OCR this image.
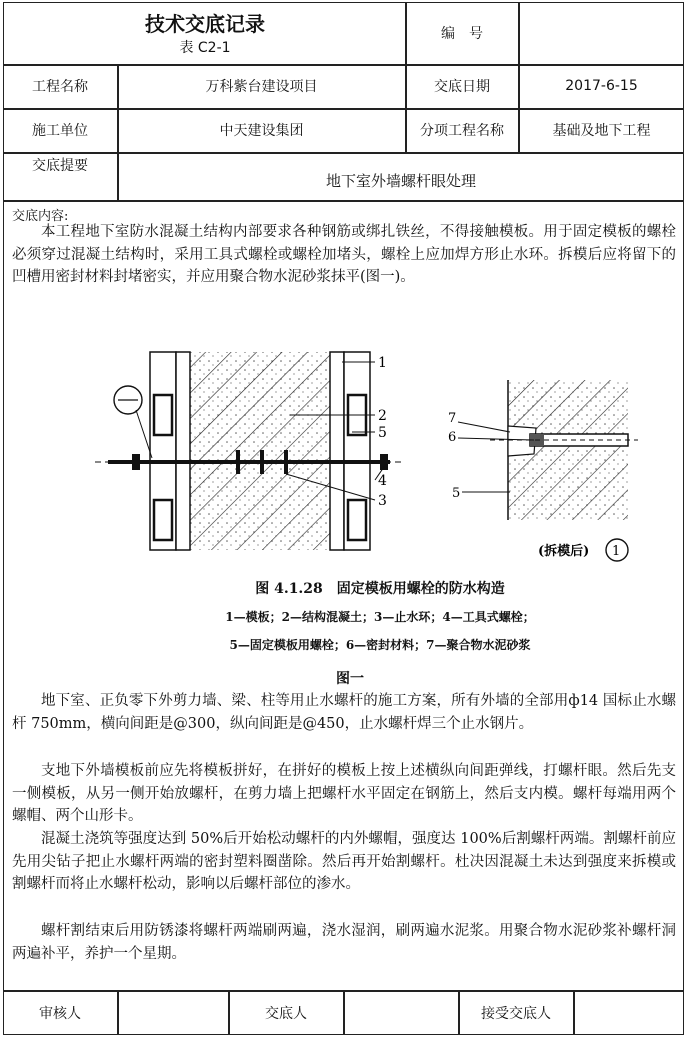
技术交底记录
表 C2-1
编　号
工程名称	万科紫台建设项目	交底日期	2017-6-15
施工单位	中天建设集团	分项工程名称	基础及地下工程
交底提要
地下室外墙螺杆眼处理
交底内容:
本工程地下室防水混凝土结构内部要求各种钢筋或绑扎铁丝，不得接触模板。用于固定模板的螺栓必须穿过混凝土结构时，采用工具式螺栓或螺栓加堵头，螺栓上应加焊方形止水环。拆模后应将留下的凹槽用密封材料封堵密实，并应用聚合物水泥砂浆抹平(图一)。
1
2
5
4
3
7
6
5
(拆模后) 1
图 4.1.28　固定模板用螺栓的防水构造
1—模板；2—结构混凝土；3—止水环；4—工具式螺栓；
5—固定模板用螺栓；6—密封材料；7—聚合物水泥砂浆
图一
地下室、正负零下外剪力墙、梁、柱等用止水螺杆的施工方案，所有外墙的全部用ф14 国标止水螺杆 750mm，横向间距是@300，纵向间距是@450，止水螺杆焊三个止水钢片。
支地下外墙模板前应先将模板拼好，在拼好的模板上按上述横纵向间距弹线，打螺杆眼。然后先支一侧模板，从另一侧开始放螺杆，在剪力墙上把螺杆水平固定在钢筋上，然后支内模。螺杆每端用两个螺帽、两个山形卡。
混凝土浇筑等强度达到 50%后开始松动螺杆的内外螺帽，强度达 100%后割螺杆两端。割螺杆前应先用尖钻子把止水螺杆两端的密封塑料圈凿除。然后再开始割螺杆。杜决因混凝土未达到强度来拆模或割螺杆而将止水螺杆松动，影响以后螺杆部位的渗水。
螺杆割结束后用防锈漆将螺杆两端刷两遍，浇水湿润，刷两遍水泥浆。用聚合物水泥砂浆补螺杆洞两遍补平，养护一个星期。
审核人	交底人	接受交底人
